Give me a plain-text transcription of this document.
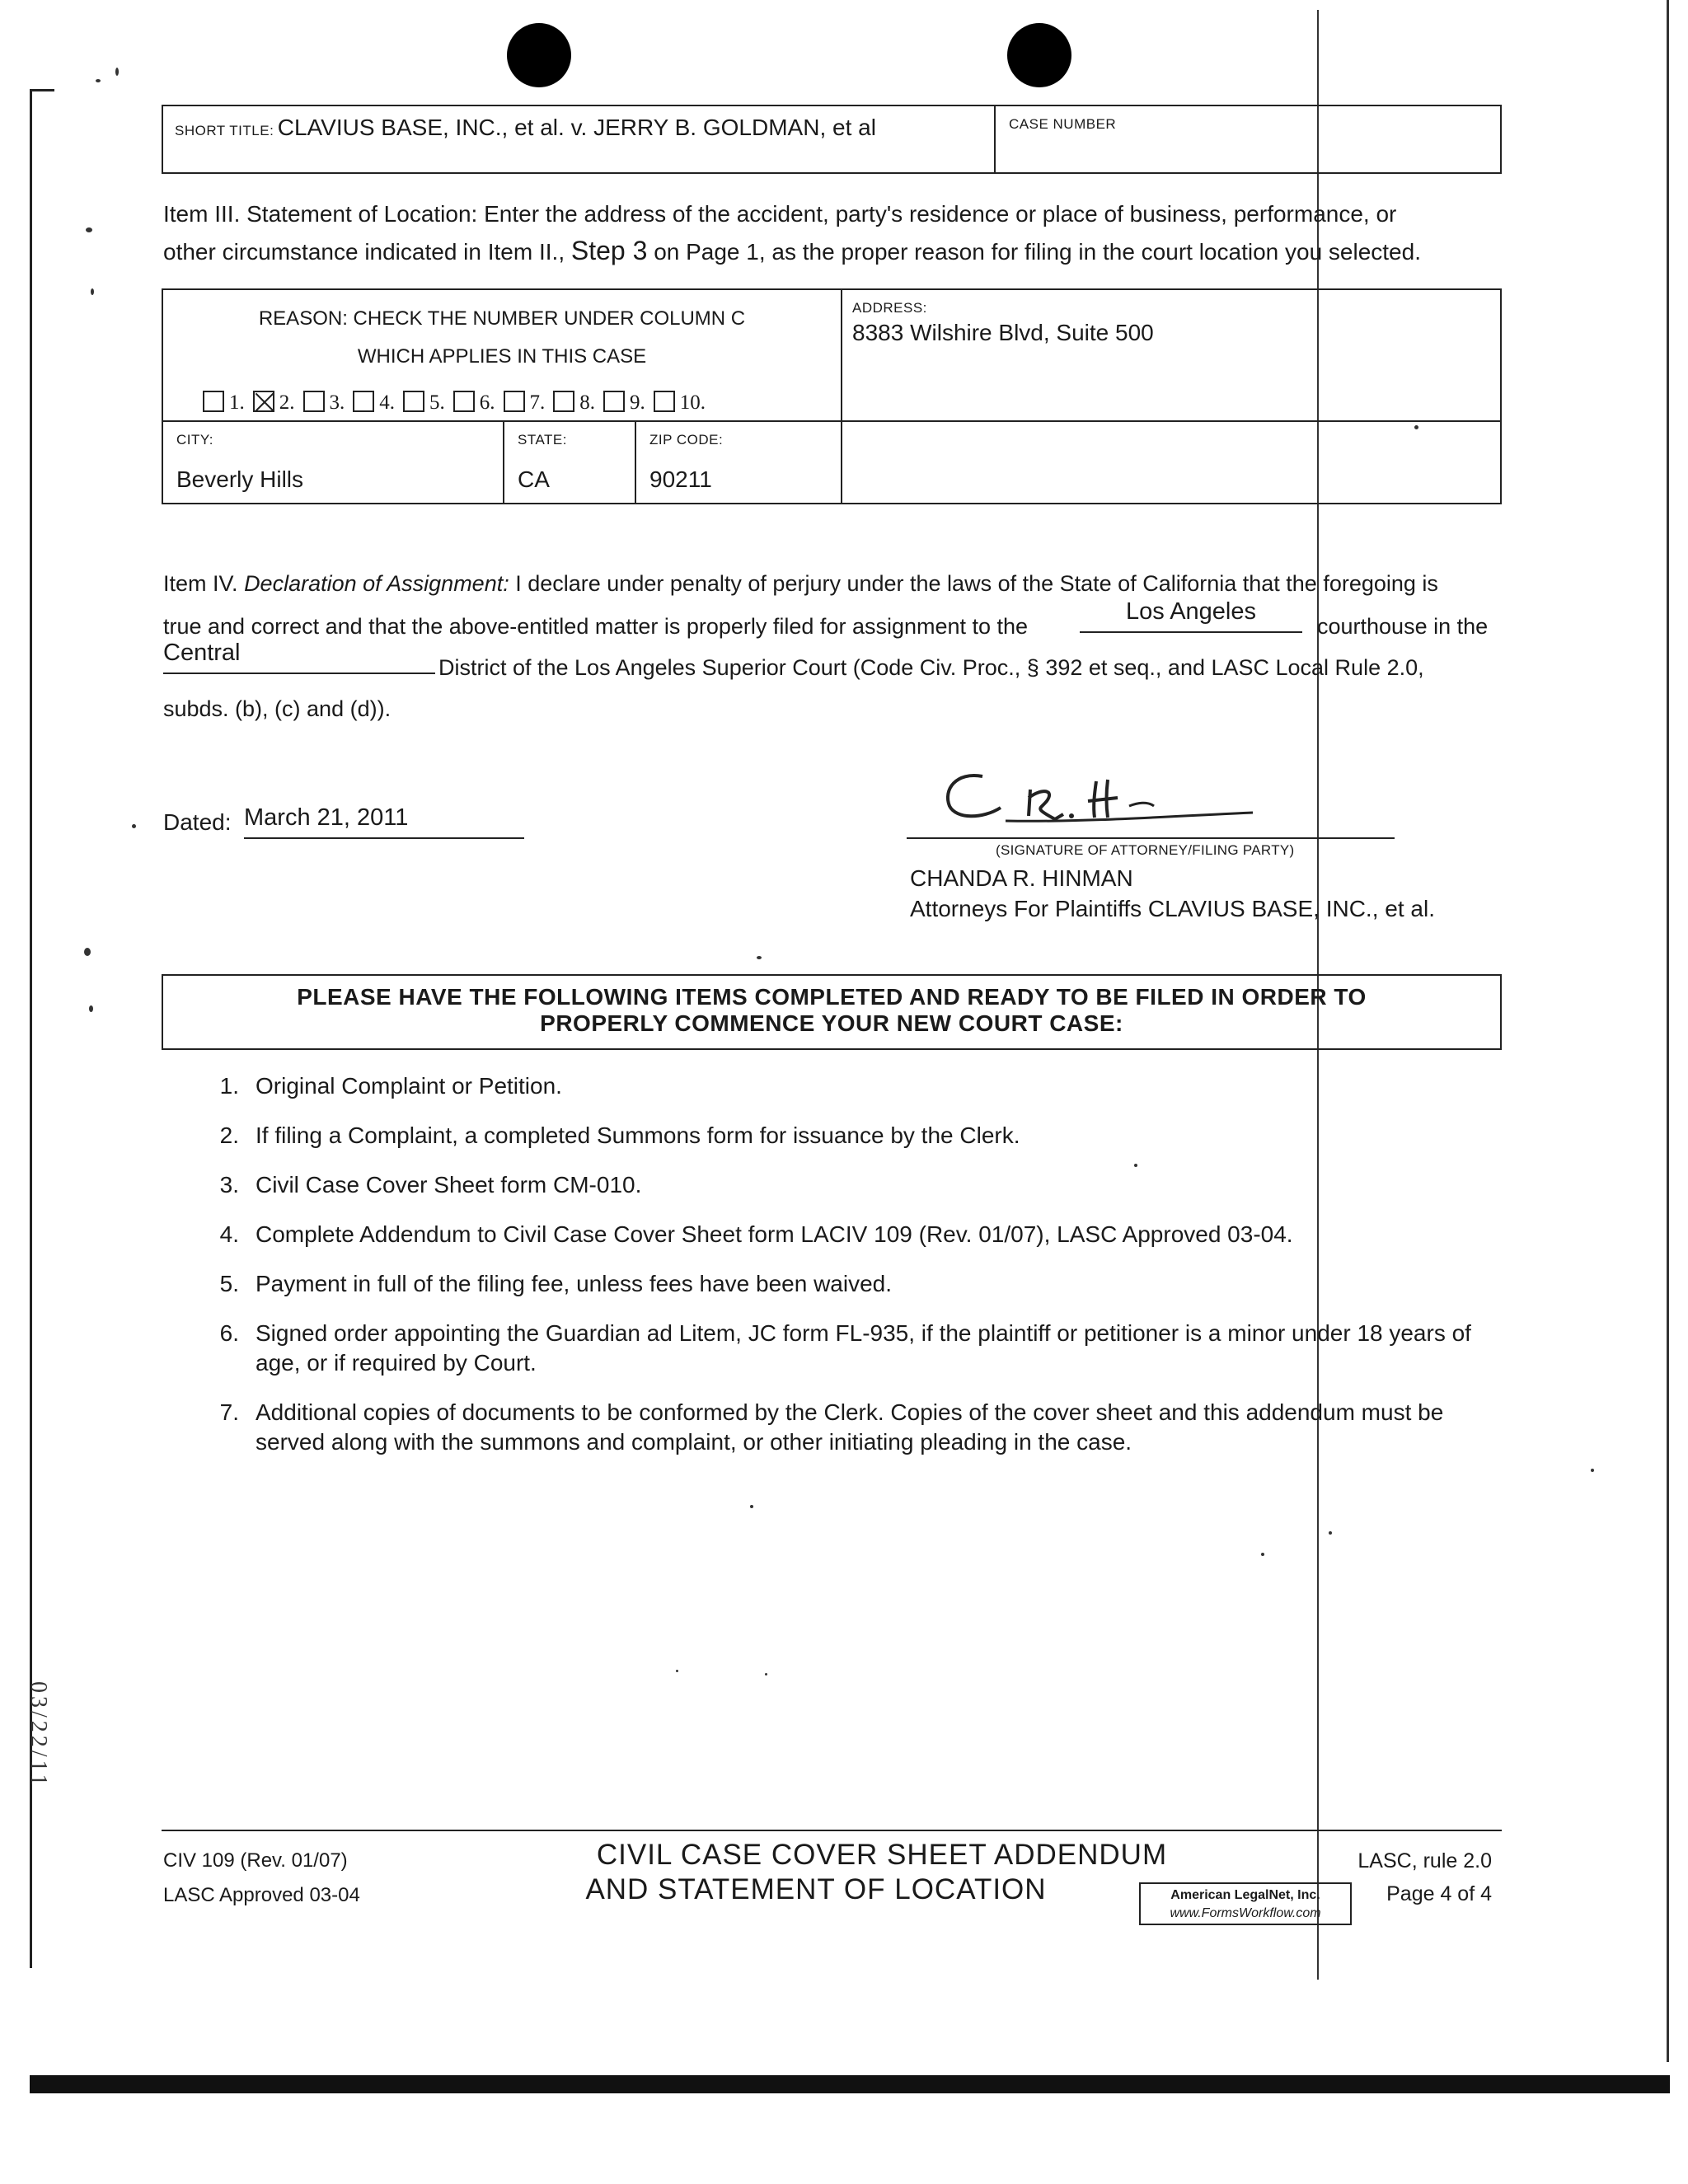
SHORT TITLE: CLAVIUS BASE, INC., et al. v. JERRY B. GOLDMAN, et al	CASE NUMBER
Item III. Statement of Location: Enter the address of the accident, party's residence or place of business, performance, or
other circumstance indicated in Item II., Step 3 on Page 1, as the proper reason for filing in the court location you selected.
REASON: CHECK THE NUMBER UNDER COLUMN C
WHICH APPLIES IN THIS CASE
1. 2. 3. 4. 5. 6. 7. 8. 9. 10.
ADDRESS:
8383 Wilshire Blvd, Suite 500
CITY:
Beverly Hills
STATE:
CA
ZIP CODE:
90211
Item IV. Declaration of Assignment: I declare under penalty of perjury under the laws of the State of California that the foregoing is
true and correct and that the above-entitled matter is properly filed for assignment to the
Los Angeles
courthouse in the
Central
District of the Los Angeles Superior Court (Code Civ. Proc., § 392 et seq., and LASC Local Rule 2.0,
subds. (b), (c) and (d)).
Dated: March 21, 2011
(SIGNATURE OF ATTORNEY/FILING PARTY)
CHANDA R. HINMAN
Attorneys For Plaintiffs CLAVIUS BASE, INC., et al.
PLEASE HAVE THE FOLLOWING ITEMS COMPLETED AND READY TO BE FILED IN ORDER TO
PROPERLY COMMENCE YOUR NEW COURT CASE:
1. Original Complaint or Petition.
2. If filing a Complaint, a completed Summons form for issuance by the Clerk.
3. Civil Case Cover Sheet form CM-010.
4. Complete Addendum to Civil Case Cover Sheet form LACIV 109 (Rev. 01/07), LASC Approved 03-04.
5. Payment in full of the filing fee, unless fees have been waived.
6. Signed order appointing the Guardian ad Litem, JC form FL-935, if the plaintiff or petitioner is a minor under 18 years of age, or if required by Court.
7. Additional copies of documents to be conformed by the Clerk. Copies of the cover sheet and this addendum must be served along with the summons and complaint, or other initiating pleading in the case.
CIV 109 (Rev. 01/07)
LASC Approved 03-04
CIVIL CASE COVER SHEET ADDENDUM
AND STATEMENT OF LOCATION	American LegalNet, Inc.
www.FormsWorkflow.com
LASC, rule 2.0
Page 4 of 4
03/22/11
